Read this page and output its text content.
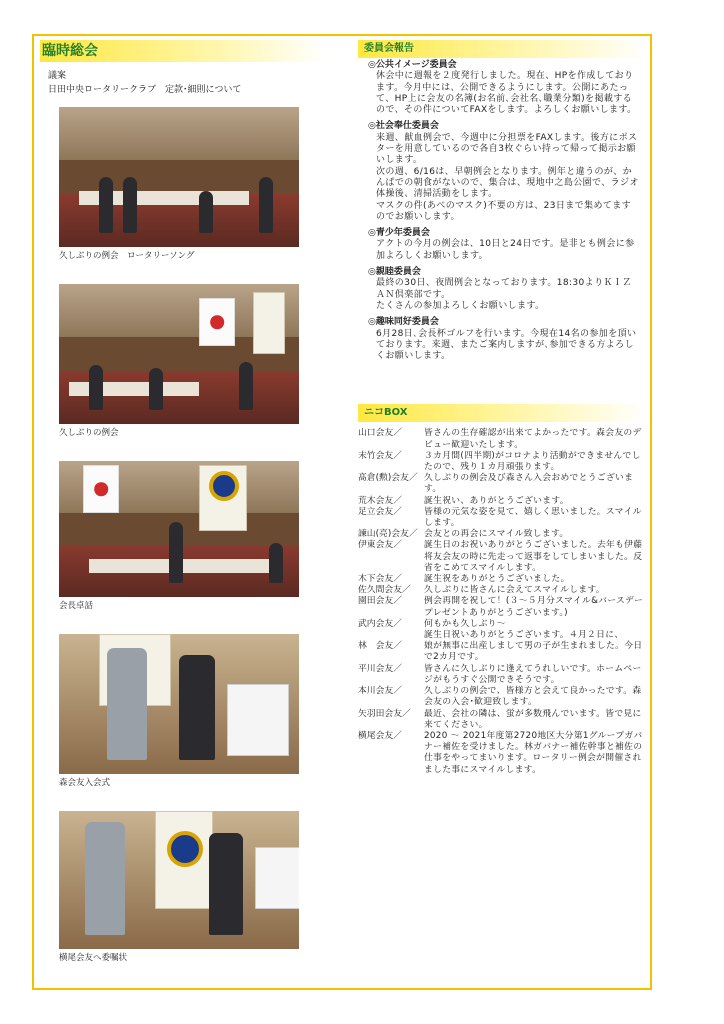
臨時総会
議案
日田中央ロータリークラブ　定款･細則について
久しぶりの例会　ロータリーソング
久しぶりの例会
会長卓話
森会友入会式
横尾会友へ委嘱状
委員会報告
◎公共イメージ委員会

休会中に週報を２度発行しました。現在、HPを作成しております。今月中には、公開できるようにします。公開にあたって、HP上に会友の名簿(お名前､会社名､職業分類)を掲載するので、その件についてFAXをします。よろしくお願いします。

◎社会奉仕委員会

来週、献血例会で、今週中に分担票をFAXします。後方にポスターを用意しているので各自3枚ぐらい持って帰って掲示お願いします。

次の週、6/16は、早朝例会となります。例年と違うのが、かんぱでの朝食がないので、集合は、現地中之島公園で、ラジオ体操後、清掃活動をします。

マスクの件(あべのマスク)不要の方は、23日まで集めてますのでお願いします。

◎青少年委員会

アクトの今月の例会は、10日と24日です。是非とも例会に参加よろしくお願いします。

◎親睦委員会

最終の30日、夜間例会となっております。18:30よりＫＩＺＡＮ倶楽部です。

たくさんの参加よろしくお願いします。

◎趣味同好委員会

6月28日､会長杯ゴルフを行います。今現在14名の参加を頂いております。来週、またご案内しますが､参加できる方よろしくお願いします。

ニコBOX
山口会友／	皆さんの生存確認が出来てよかったです。森会友のデビュー歓迎いたします。
末竹会友／	３カ月間(四半期)がコロナより活動ができませんでしたので、残り１カ月頑張ります。
髙倉(勲)会友／ 久しぶりの例会及び森さん入会おめでとうございます。
荒木会友／	誕生祝い、ありがとうございます。
足立会友／	皆様の元気な姿を見て、嬉しく思いました。スマイルします。
諫山(亮)会友／ 会友との再会にスマイル致します。
伊東会友／	誕生日のお祝いありがとうございました。去年も伊藤将友会友の時に先走って返事をしてしまいました。反省をこめてスマイルします。
木下会友／	誕生祝をありがとうございました。
佐久間会友／	久しぶりに皆さんに会えてスマイルします。
園田会友／	例会再開を祝して！(３～５月分スマイル&バースデープレゼントありがとうございます。)
武内会友／	何もかも久しぶり～
誕生日祝いありがとうございます。４月２日に、
林　会友／	娘が無事に出産しまして男の子が生まれました。今日で2カ月です。
平川会友／	皆さんに久しぶりに逢えてうれしいです。ホームページがもうすぐ公開できそうです。
本川会友／	久しぶりの例会で、皆様方と会えて良かったです。森会友の入会･歓迎致します。
矢羽田会友／	最近、会社の隣は、蛍が多数飛んでいます。皆で見に来てください。
横尾会友／	2020 ～ 2021年度第2720地区大分第1グループガバナー補佐を受けました。林ガバナー補佐幹事と補佐の仕事をやってまいります。ロータリー例会が開催されました事にスマイルします。
